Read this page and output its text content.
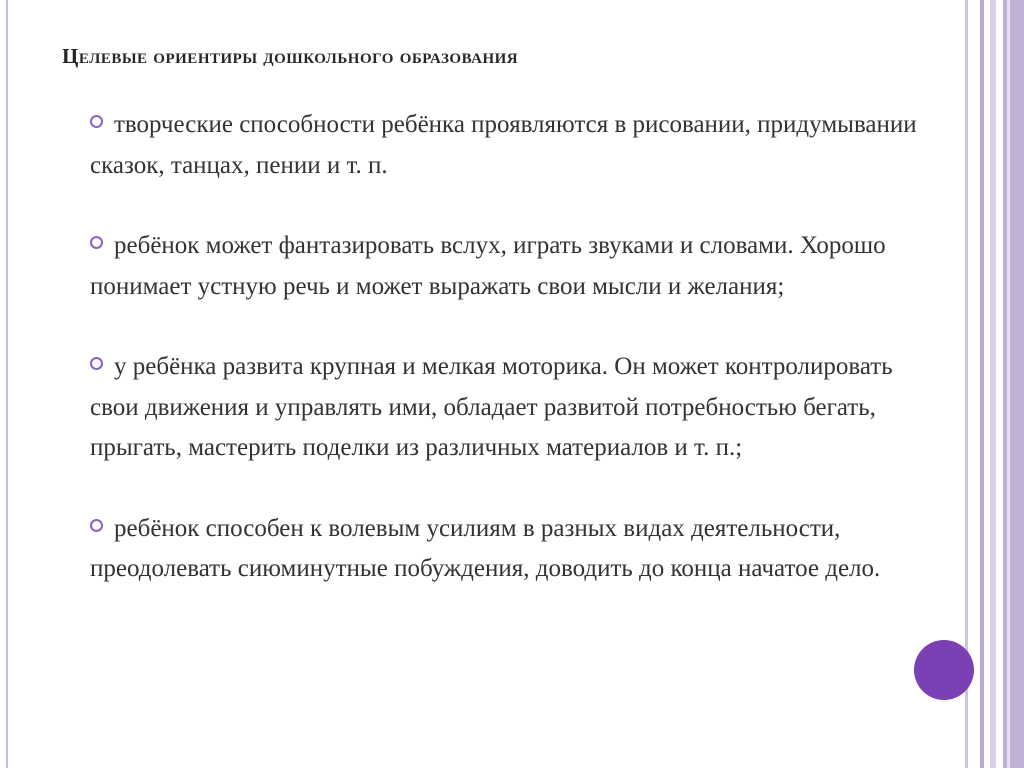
Целевые ориентиры дошкольного образования
творческие способности ребёнка проявляются в рисовании, придумывании сказок, танцах, пении и т. п.
ребёнок может фантазировать вслух, играть звуками и словами. Хорошо понимает устную речь и может выражать свои мысли и желания;
у ребёнка развита крупная и мелкая моторика. Он может контролировать свои движения и управлять ими, обладает развитой потребностью бегать, прыгать, мастерить поделки из различных материалов и т. п.;
ребёнок способен к волевым усилиям в разных видах деятельности, преодолевать сиюминутные побуждения, доводить до конца начатое дело.
